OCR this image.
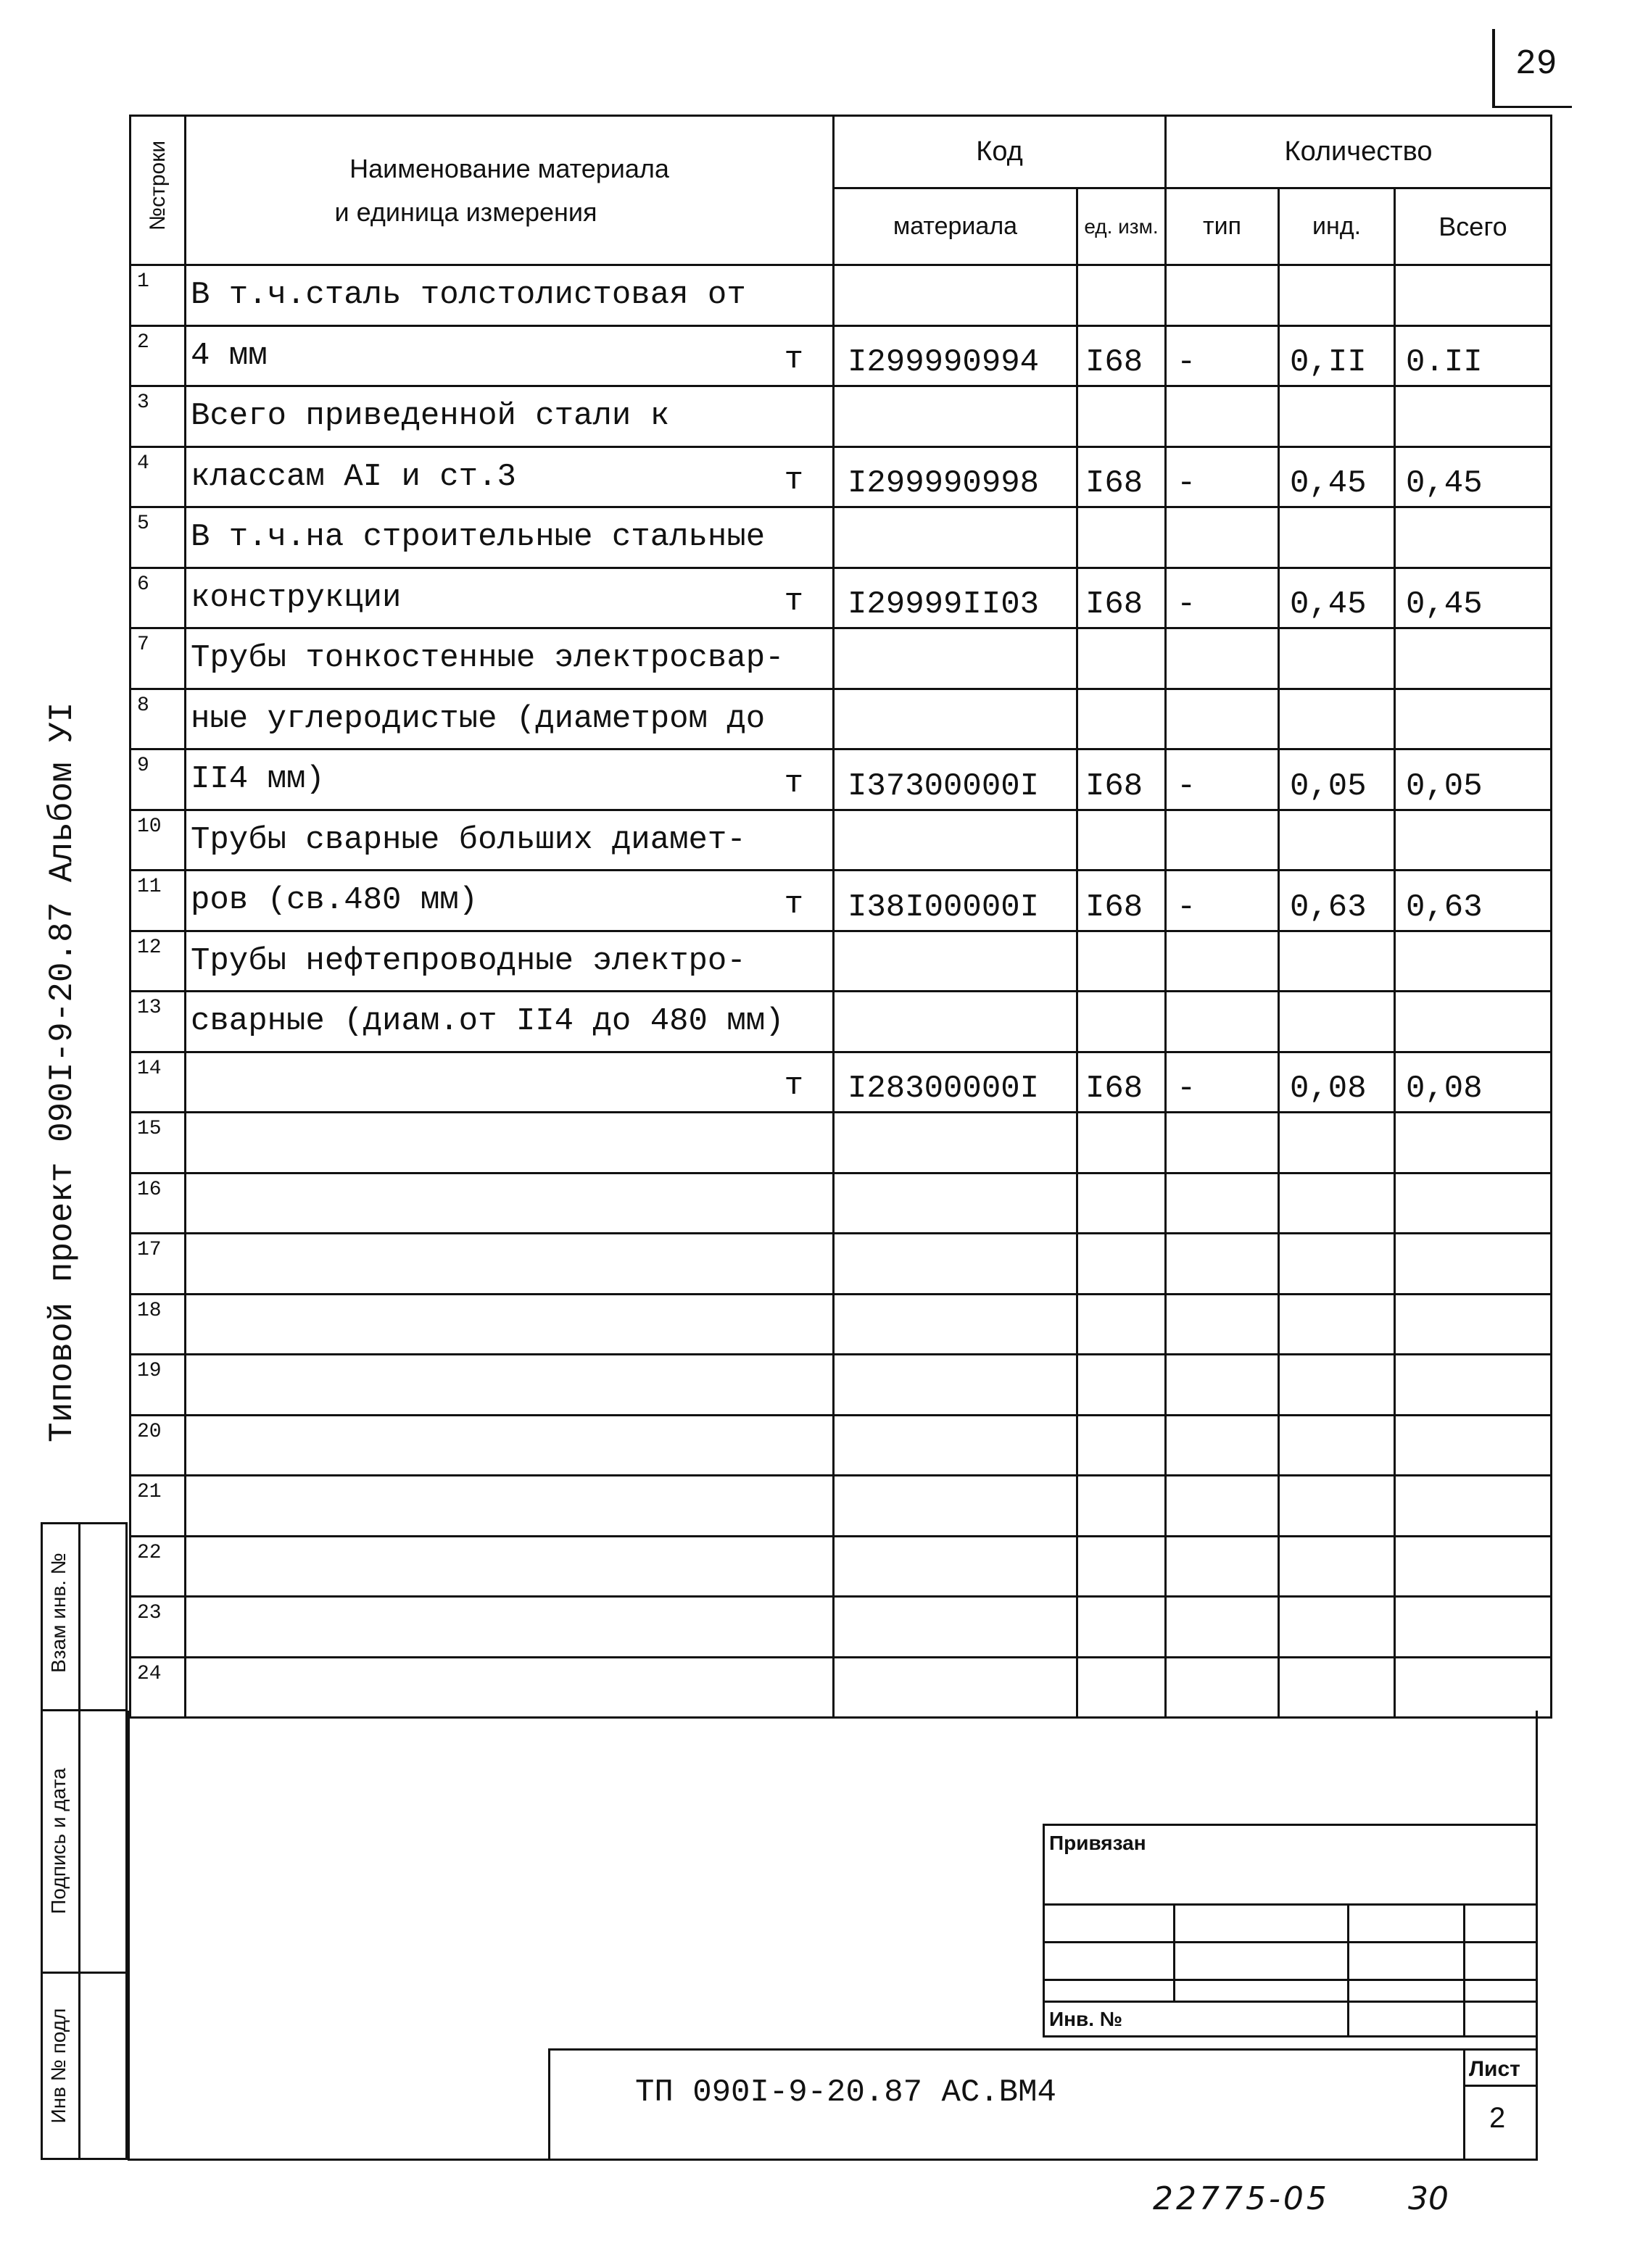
29
Типовой проект 090I-9-20.87 Альбом УI
Взам инв. №
Подпись и дата
Инв № подл
№строки	Наименование материала
и единица измерения	Код		Количество		
		материала	ед. изм.	тип	инд.	Всего
1	В т.ч.сталь толстолистовая от

2	4 мм т	I299990994	I68	-	0,II	0.II
3	Всего приведенной стали к

4	классам АI и ст.3 т	I299990998	I68	-	0,45	0,45
5	В т.ч.на строительные стальные

6	конструкции т	I29999II03	I68	-	0,45	0,45
7	Трубы тонкостенные электросвар-

8	ные углеродистые (диаметром до

9	II4 мм) т	I37300000I	I68	-	0,05	0,05
10	Трубы сварные больших диамет-

11	ров (св.480 мм) т	I38I00000I	I68	-	0,63	0,63
12	Трубы нефтепроводные электро-

13	сварные (диам.от II4 до 480 мм)

14	т	I28300000I	I68	-	0,08	0,08
15	

16	

17	

18	

19	

20	

21	

22	

23	

24	

Привязан			

Инв. №			
Лист
2
ТП 090I-9-20.87 АС.ВМ4
22775-05 30
